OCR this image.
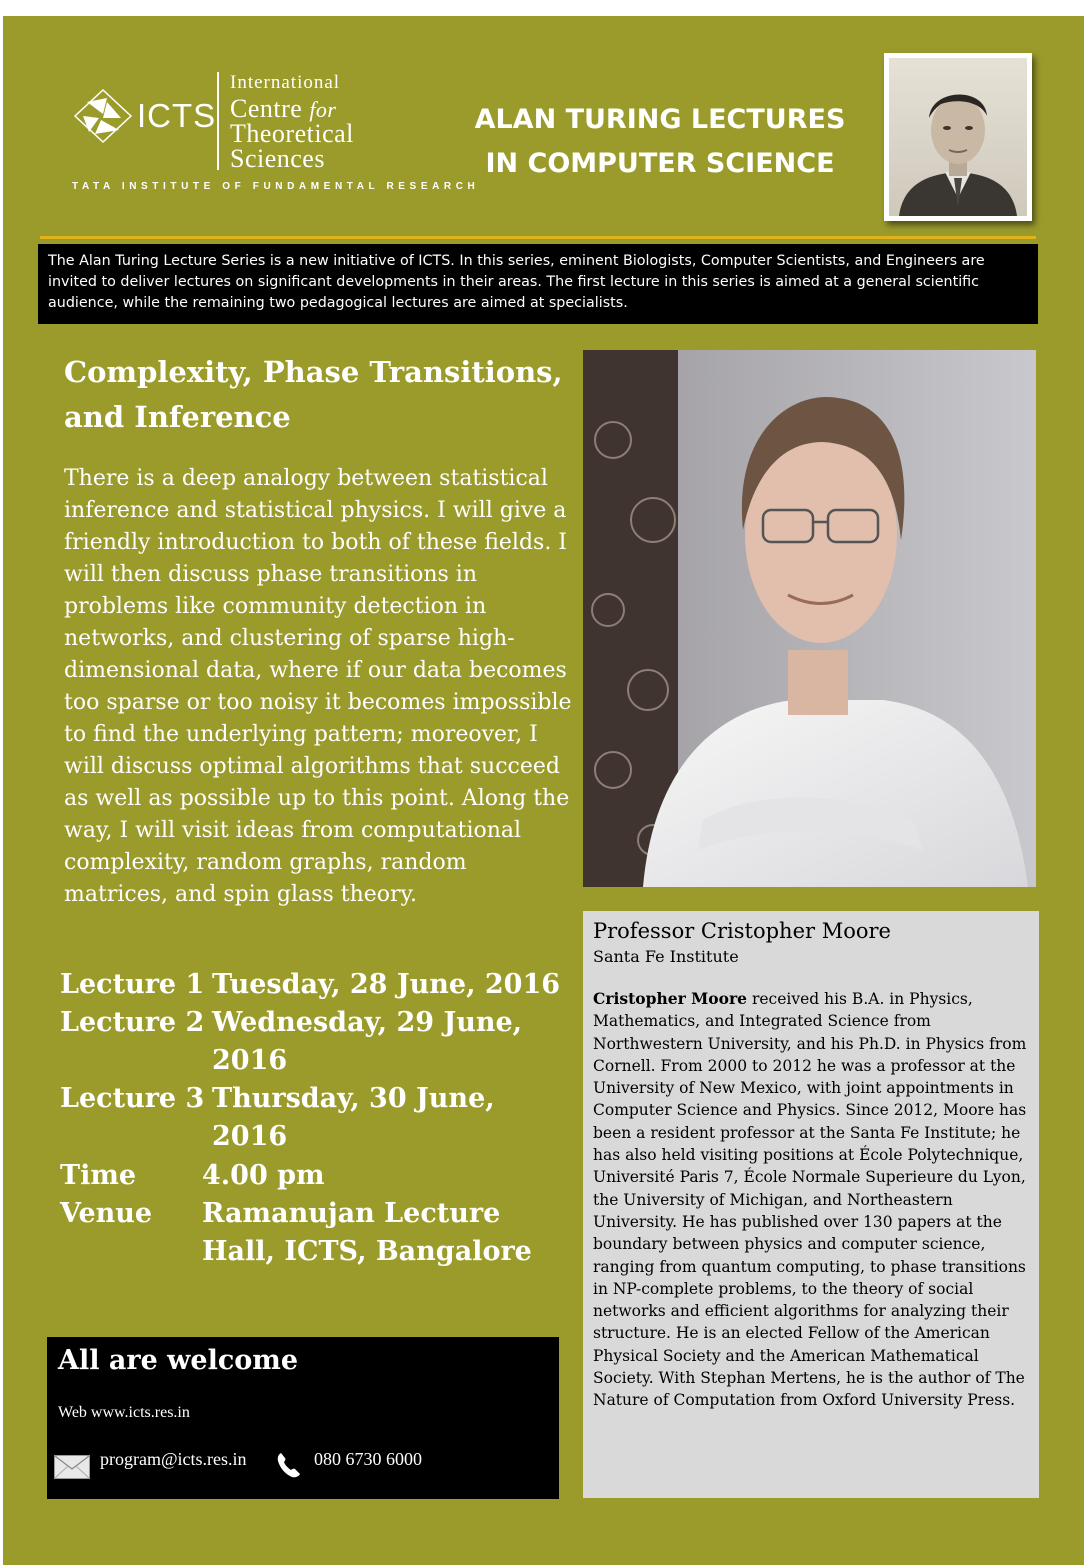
ICTS
International
Centre for
Theoretical
Sciences
TATA INSTITUTE OF FUNDAMENTAL RESEARCH
ALAN TURING LECTURES
IN COMPUTER SCIENCE
The Alan Turing Lecture Series is a new initiative of ICTS. In this series, eminent Biologists, Computer Scientists, and Engineers are invited to deliver lectures on significant developments in their areas. The first lecture in this series is aimed at a general scientific audience, while the remaining two pedagogical lectures are aimed at specialists.
Complexity, Phase Transitions, and Inference
There is a deep analogy between statistical inference and statistical physics. I will give a friendly introduction to both of these fields. I will then discuss phase transitions in problems like community detection in networks, and clustering of sparse high-dimensional data, where if our data becomes too sparse or too noisy it becomes impossible to find the underlying pattern; moreover, I will discuss optimal algorithms that succeed as well as possible up to this point. Along the way, I will visit ideas from computational complexity, random graphs, random matrices, and spin glass theory.
Lecture 1 Tuesday, 28 June, 2016
Lecture 2 Wednesday, 29 June, 2016
Lecture 3 Thursday, 30 June, 2016
Time	4.00 pm
Venue	Ramanujan Lecture Hall, ICTS, Bangalore
All are welcome
Web www.icts.res.in
program@icts.res.in	080 6730 6000
Professor Cristopher Moore
Santa Fe Institute
Cristopher Moore received his B.A. in Physics, Mathematics, and Integrated Science from Northwestern University, and his Ph.D. in Physics from Cornell. From 2000 to 2012 he was a professor at the University of New Mexico, with joint appointments in Computer Science and Physics. Since 2012, Moore has been a resident professor at the Santa Fe Institute; he has also held visiting positions at École Polytechnique, Université Paris 7, École Normale Superieure du Lyon, the University of Michigan, and Northeastern University. He has published over 130 papers at the boundary between physics and computer science, ranging from quantum computing, to phase transitions in NP-complete problems, to the theory of social networks and efficient algorithms for analyzing their structure. He is an elected Fellow of the American Physical Society and the American Mathematical Society. With Stephan Mertens, he is the author of The Nature of Computation from Oxford University Press.
